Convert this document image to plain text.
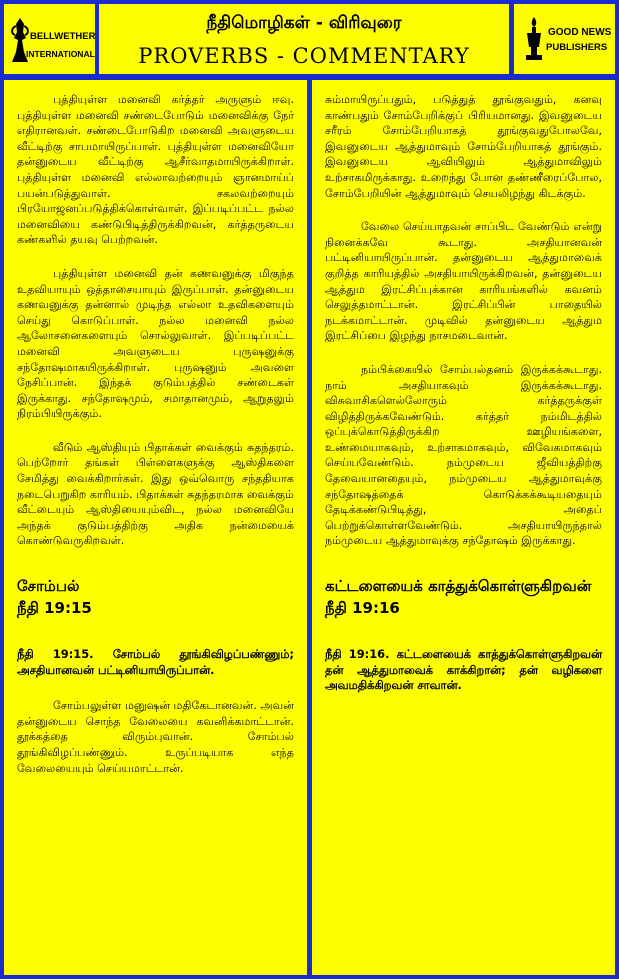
BELLWETHER
INTERNATIONAL
நீதிமொழிகள் - விரிவுரை
PROVERBS - COMMENTARY
GOOD NEWS
PUBLISHERS

புத்தியுள்ள மனைவி கர்த்தர் அருளும் ஈவு. புத்தியுள்ள மனைவி சண்டைபோடும் மனைவிக்கு நேர் எதிரானவள். சண்டைபோடுகிற மனைவி அவளுடைய வீட்டிற்கு சாபமாயிருப்பாள். புத்தியுள்ள மனைவியோ தன்னுடைய வீட்டிற்கு ஆசீர்வாதமாயிருக்கிறாள். புத்தியுள்ள மனைவி எல்லாவற்றையும் ஞானமாய்ப் பயன்படுத்துவாள். சகலவற்றையும் பிரயோஜனப்படுத்திக்கொள்வாள். இப்படிப்பட்ட நல்ல மனைவியை கண்டுபிடித்திருக்கிறவன், கர்த்தருடைய கண்களில் தயவு பெற்றவன்.

புத்தியுள்ள மனைவி தன் கணவனுக்கு மிகுந்த உதவியாயும் ஒத்தாசையாயும் இருப்பாள். தன்னுடைய கணவனுக்கு தன்னால் முடிந்த எல்லா உதவிகளையும் செய்து கொடுப்பாள். நல்ல மனைவி நல்ல ஆலோசனைகளையும் சொல்லுவாள். இப்படிப்பட்ட மனைவி அவளுடைய புருஷனுக்கு சந்தோஷமாகயிருக்கிறாள். புருஷனும் அவளை நேசிப்பான். இந்தக் குடும்பத்தில் சண்டைகள் இருக்காது. சந்தோஷமும், சமாதானமும், ஆறுதலும் நிரம்பியிருக்கும்.

வீடும் ஆஸ்தியும் பிதாக்கள் வைக்கும் சுதந்தரம். பெற்றோர் தங்கள் பிள்ளைகளுக்கு ஆஸ்திகளை சேமித்து வைக்கிறார்கள். இது ஒவ்வொரு சந்ததியாக நடைபெறுகிற காரியம். பிதாக்கள் சுதந்தரமாக வைக்கும் வீட்டையும் ஆஸ்தியையும்விட, நல்ல மனைவியே அந்தக் குடும்பத்திற்கு அதிக நன்மையைக் கொண்டுவருகிறவள்.

சோம்பல்
நீதி 19:15

நீதி 19:15. சோம்பல் தூங்கிவிழப்பண்ணும்; அசதியானவன் பட்டினியாயிருப்பான்.

சோம்பலுள்ள மனுஷன் மதிகேடானவன். அவன் தன்னுடைய சொந்த வேலையை கவனிக்கமாட்டான். தூக்கத்தை விரும்புவான். சோம்பல் தூங்கிவிழப்பண்ணும். உருப்படியாக எந்த வேலையையும் செய்யமாட்டான்.

சும்மாயிருப்பதும், படுத்துத் தூங்குவதும், கனவு காண்பதும் சோம்பேறிக்குப் பிரியமானது. இவனுடைய சரீரம் சோம்பேறியாகத் தூங்குவதுபோலவே, இவனுடைய ஆத்துமாவும் சோம்பேறியாகத் தூங்கும். இவனுடைய ஆவியிலும் ஆத்துமாவிலும் உற்சாகமிருக்காது. உறைந்து போன தண்ணீரைப்போல, சோம்பேறியின் ஆத்துமாவும் செயலிழந்து கிடக்கும்.

வேலை செய்யாதவன் சாப்பிட வேண்டும் என்று நினைக்கவே கூடாது. அசதியானவன் பட்டினியாயிருப்பான். தன்னுடைய ஆத்துமாவைக் குறித்த காரியத்தில் அசதியாயிருக்கிறவன், தன்னுடைய ஆத்தும இரட்சிப்புக்கான காரியங்களில் கவனம் செலுத்தமாட்டான். இரட்சிப்பின் பாதையில் நடக்கமாட்டான். முடிவில் தன்னுடைய ஆத்தும இரட்சிப்பை இழந்து நாசமடைவான்.

நம்பிக்கையில் சோம்பல்தனம் இருக்கக்கூடாது. நாம் அசதியாகவும் இருக்கக்கூடாது. விசுவாசிகளெல்லோரும் கர்த்தருக்குள் விழித்திருக்கவேண்டும். கர்த்தர் நம்மிடத்தில் ஒப்புக்கொடுத்திருக்கிற ஊழியங்களை, உண்மையாகவும், உற்சாகமாகவும், விவேகமாகவும் செய்யவேண்டும். நம்முடைய ஜீவியத்திற்கு தேவையானதையும், நம்முடைய ஆத்துமாவுக்கு சந்தோஷத்தைக் கொடுக்கக்கூடியதையும் தேடிக்கண்டுபிடித்து, அதைப் பெற்றுக்கொள்ளவேண்டும். அசதியாயிருந்தால் நம்முடைய ஆத்துமாவுக்கு சந்தோஷம் இருக்காது.

கட்டளையைக் காத்துக்கொள்ளுகிறவன்
நீதி 19:16

நீதி 19:16. கட்டளையைக் காத்துக்கொள்ளுகிறவன் தன் ஆத்துமாவைக் காக்கிறான்; தன் வழிகளை அவமதிக்கிறவன் சாவான்.
